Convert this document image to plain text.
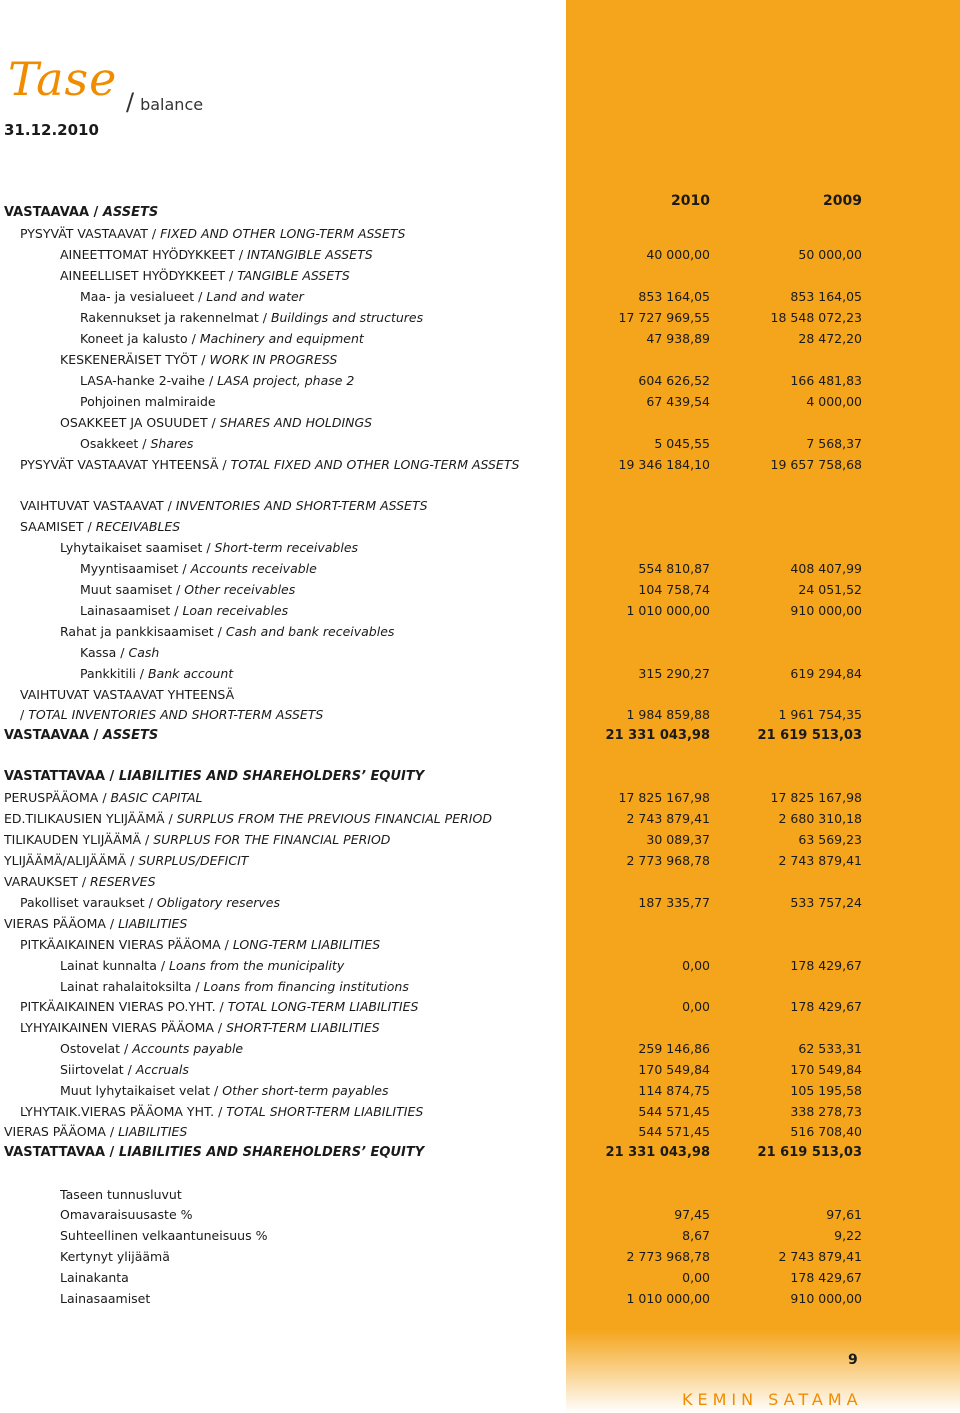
Tase / balance
31.12.2010
2010	2009
VASTAAVAA / ASSETS
PYSYVÄT VASTAAVAT / FIXED AND OTHER LONG-TERM ASSETS
AINEETTOMAT HYÖDYKKEET / INTANGIBLE ASSETS	40 000,00	50 000,00
AINEELLISET HYÖDYKKEET / TANGIBLE ASSETS
Maa- ja vesialueet / Land and water	853 164,05	853 164,05
Rakennukset ja rakennelmat / Buildings and structures	17 727 969,55	18 548 072,23
Koneet ja kalusto / Machinery and equipment	47 938,89	28 472,20
KESKENERÄISET TYÖT / WORK IN PROGRESS
LASA-hanke 2-vaihe / LASA project, phase 2	604 626,52	166 481,83
Pohjoinen malmiraide	67 439,54	4 000,00
OSAKKEET JA OSUUDET / SHARES AND HOLDINGS
Osakkeet / Shares	5 045,55	7 568,37
PYSYVÄT VASTAAVAT YHTEENSÄ / TOTAL FIXED AND OTHER LONG-TERM ASSETS	19 346 184,10	19 657 758,68
VAIHTUVAT VASTAAVAT / INVENTORIES AND SHORT-TERM ASSETS
SAAMISET / RECEIVABLES
Lyhytaikaiset saamiset / Short-term receivables
Myyntisaamiset / Accounts receivable	554 810,87	408 407,99
Muut saamiset / Other receivables	104 758,74	24 051,52
Lainasaamiset / Loan receivables	1 010 000,00	910 000,00
Rahat ja pankkisaamiset / Cash and bank receivables
Kassa / Cash
Pankkitili / Bank account	315 290,27	619 294,84
VAIHTUVAT VASTAAVAT YHTEENSÄ
/ TOTAL INVENTORIES AND SHORT-TERM ASSETS	1 984 859,88	1 961 754,35
VASTAAVAA / ASSETS	21 331 043,98	21 619 513,03
VASTATTAVAA / LIABILITIES AND SHAREHOLDERS’ EQUITY
PERUSPÄÄOMA / BASIC CAPITAL	17 825 167,98	17 825 167,98
ED.TILIKAUSIEN YLIJÄÄMÄ / SURPLUS FROM THE PREVIOUS FINANCIAL PERIOD	2 743 879,41	2 680 310,18
TILIKAUDEN YLIJÄÄMÄ / SURPLUS FOR THE FINANCIAL PERIOD	30 089,37	63 569,23
YLIJÄÄMÄ/ALIJÄÄMÄ / SURPLUS/DEFICIT	2 773 968,78	2 743 879,41
VARAUKSET / RESERVES
Pakolliset varaukset / Obligatory reserves	187 335,77	533 757,24
VIERAS PÄÄOMA / LIABILITIES
PITKÄAIKAINEN VIERAS PÄÄOMA / LONG-TERM LIABILITIES
Lainat kunnalta / Loans from the municipality	0,00	178 429,67
Lainat rahalaitoksilta / Loans from financing institutions
PITKÄAIKAINEN VIERAS PO.YHT. / TOTAL LONG-TERM LIABILITIES	0,00	178 429,67
LYHYAIKAINEN VIERAS PÄÄOMA / SHORT-TERM LIABILITIES
Ostovelat / Accounts payable	259 146,86	62 533,31
Siirtovelat / Accruals	170 549,84	170 549,84
Muut lyhytaikaiset velat / Other short-term payables	114 874,75	105 195,58
LYHYTAIK.VIERAS PÄÄOMA YHT. / TOTAL SHORT-TERM LIABILITIES	544 571,45	338 278,73
VIERAS PÄÄOMA / LIABILITIES	544 571,45	516 708,40
VASTATTAVAA / LIABILITIES AND SHAREHOLDERS’ EQUITY	21 331 043,98	21 619 513,03
Taseen tunnusluvut
Omavaraisuusaste %	97,45	97,61
Suhteellinen velkaantuneisuus %	8,67	9,22
Kertynyt ylijäämä	2 773 968,78	2 743 879,41
Lainakanta	0,00	178 429,67
Lainasaamiset	1 010 000,00	910 000,00
9
KEMIN SATAMA
